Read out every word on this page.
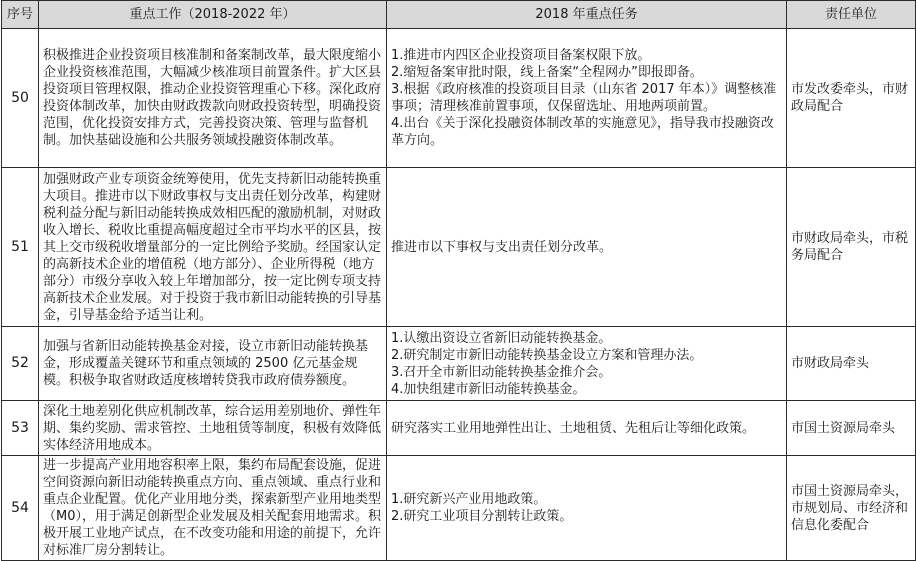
序号	重点工作（2018-2022 年）	2018 年重点任务	责任单位
50	积极推进企业投资项目核准制和备案制改革，最大限度缩小企业投资核准范围，大幅减少核准项目前置条件。扩大区县投资项目管理权限，推动企业投资管理重心下移。深化政府投资体制改革，加快由财政拨款向财政投资转型，明确投资范围，优化投资安排方式，完善投资决策、管理与监督机制。加快基础设施和公共服务领域投融资体制改革。	1.推进市内四区企业投资项目备案权限下放。
2.缩短备案审批时限，线上备案“全程网办”即报即备。
3.根据《政府核准的投资项目目录（山东省 2017 年本）》调整核准事项；清理核准前置事项，仅保留选址、用地两项前置。
4.出台《关于深化投融资体制改革的实施意见》，指导我市投融资改革方向。	市发改委牵头，市财政局配合
51	加强财政产业专项资金统筹使用，优先支持新旧动能转换重大项目。推进市以下财政事权与支出责任划分改革，构建财税利益分配与新旧动能转换成效相匹配的激励机制，对财政收入增长、税收比重提高幅度超过全市平均水平的区县，按其上交市级税收增量部分的一定比例给予奖励。经国家认定的高新技术企业的增值税（地方部分）、企业所得税（地方部分）市级分享收入较上年增加部分，按一定比例专项支持高新技术企业发展。对于投资于我市新旧动能转换的引导基金，引导基金给予适当让利。	推进市以下事权与支出责任划分改革。	市财政局牵头，市税务局配合
52	加强与省新旧动能转换基金对接，设立市新旧动能转换基金，形成覆盖关键环节和重点领域的 2500 亿元基金规模。积极争取省财政适度核增转贷我市政府债券额度。	1.认缴出资设立省新旧动能转换基金。
2.研究制定市新旧动能转换基金设立方案和管理办法。
3.召开全市新旧动能转换基金推介会。
4.加快组建市新旧动能转换基金。	市财政局牵头
53	深化土地差别化供应机制改革，综合运用差别地价、弹性年期、集约奖励、需求管控、土地租赁等制度，积极有效降低实体经济用地成本。	研究落实工业用地弹性出让、土地租赁、先租后让等细化政策。	市国土资源局牵头
54	进一步提高产业用地容积率上限，集约布局配套设施，促进空间资源向新旧动能转换重点方向、重点领域、重点行业和重点企业配置。优化产业用地分类，探索新型产业用地类型（M0），用于满足创新型企业发展及相关配套用地需求。积极开展工业地产试点，在不改变功能和用途的前提下，允许对标准厂房分割转让。	1.研究新兴产业用地政策。
2.研究工业项目分割转让政策。	市国土资源局牵头，市规划局、市经济和信息化委配合
